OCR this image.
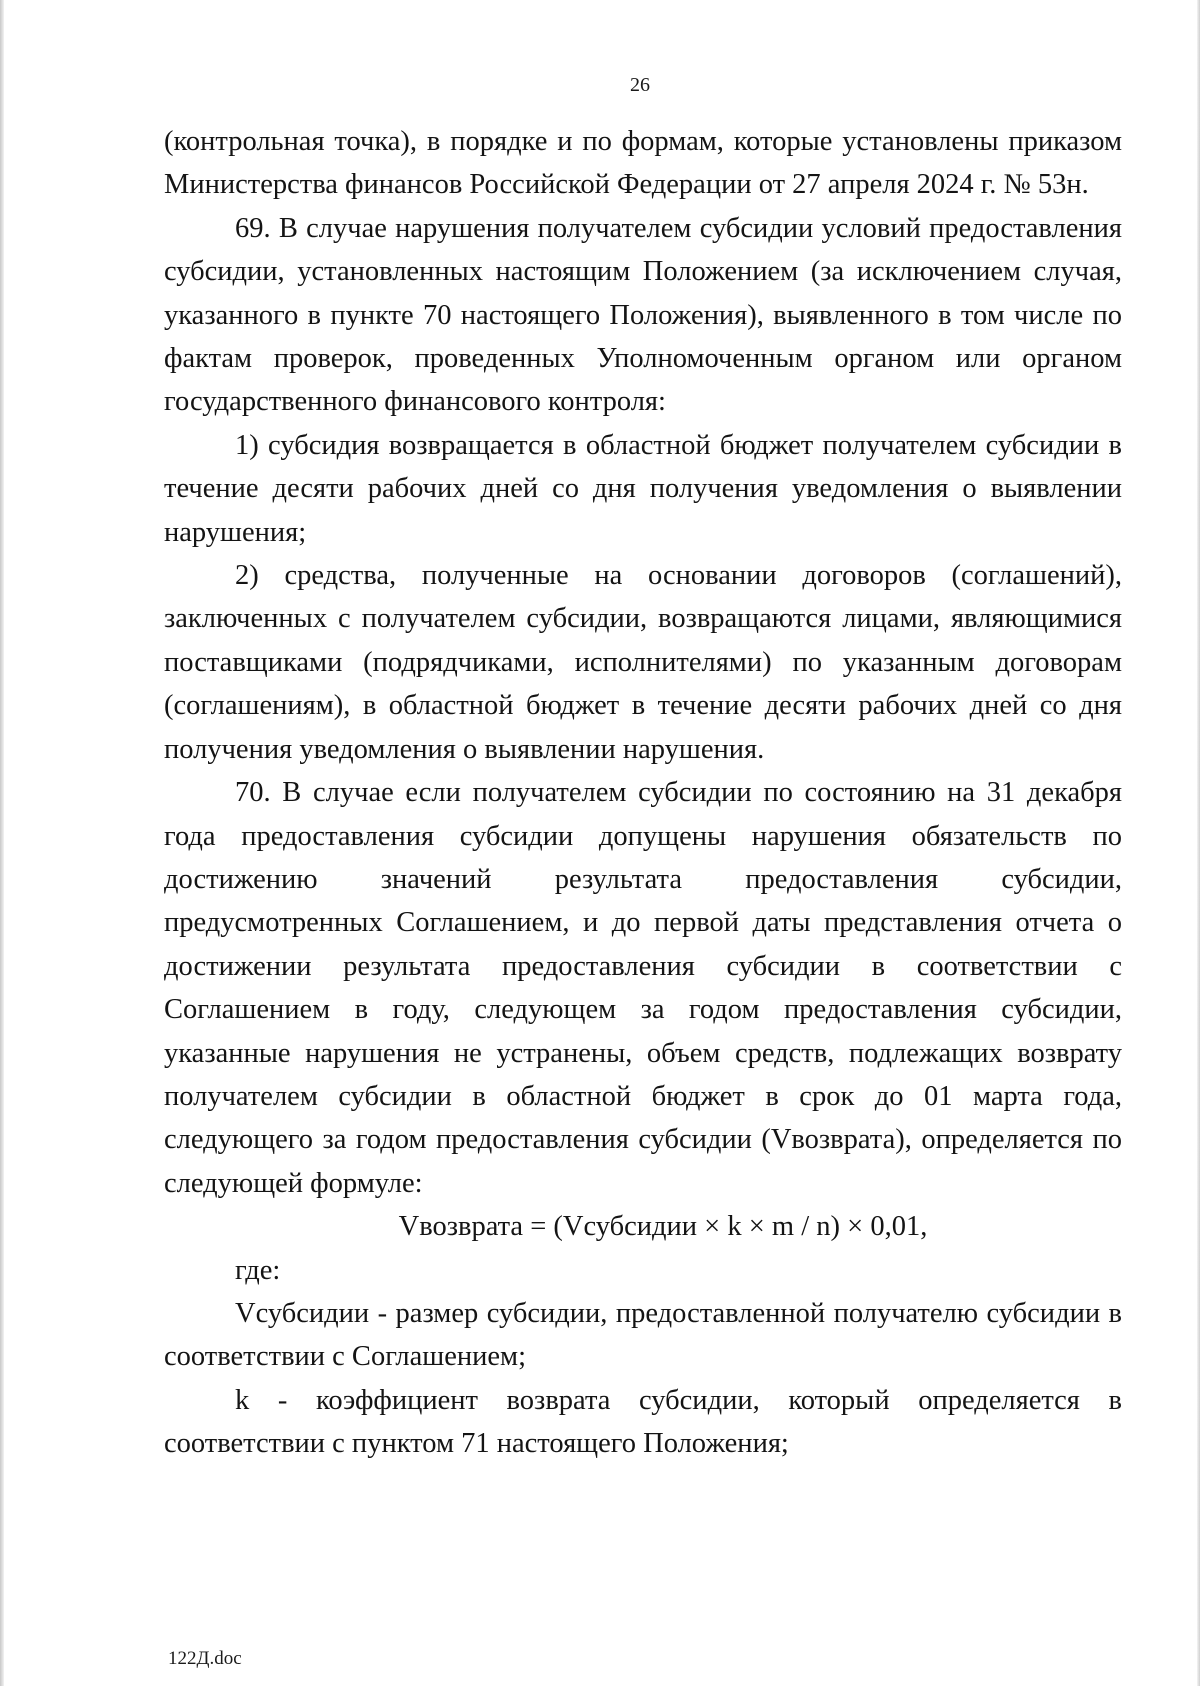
26

(контрольная точка), в порядке и по формам, которые установлены приказом Министерства финансов Российской Федерации от 27 апреля 2024 г. № 53н.

69. В случае нарушения получателем субсидии условий предоставления субсидии, установленных настоящим Положением (за исключением случая, указанного в пункте 70 настоящего Положения), выявленного в том числе по фактам проверок, проведенных Уполномоченным органом или органом государственного финансового контроля:

1) субсидия возвращается в областной бюджет получателем субсидии в течение десяти рабочих дней со дня получения уведомления о выявлении нарушения;

2) средства, полученные на основании договоров (соглашений), заключенных с получателем субсидии, возвращаются лицами, являющимися поставщиками (подрядчиками, исполнителями) по указанным договорам (соглашениям), в областной бюджет в течение десяти рабочих дней со дня получения уведомления о выявлении нарушения.

70. В случае если получателем субсидии по состоянию на 31 декабря года предоставления субсидии допущены нарушения обязательств по достижению значений результата предоставления субсидии, предусмотренных Соглашением, и до первой даты представления отчета о достижении результата предоставления субсидии в соответствии с Соглашением в году, следующем за годом предоставления субсидии, указанные нарушения не устранены, объем средств, подлежащих возврату получателем субсидии в областной бюджет в срок до 01 марта года, следующего за годом предоставления субсидии (Vвозврата), определяется по следующей формуле:

Vвозврата = (Vсубсидии × k × m / n) × 0,01,

где:

Vсубсидии - размер субсидии, предоставленной получателю субсидии в соответствии с Соглашением;

k - коэффициент возврата субсидии, который определяется в соответствии с пунктом 71 настоящего Положения;

122Д.doc
